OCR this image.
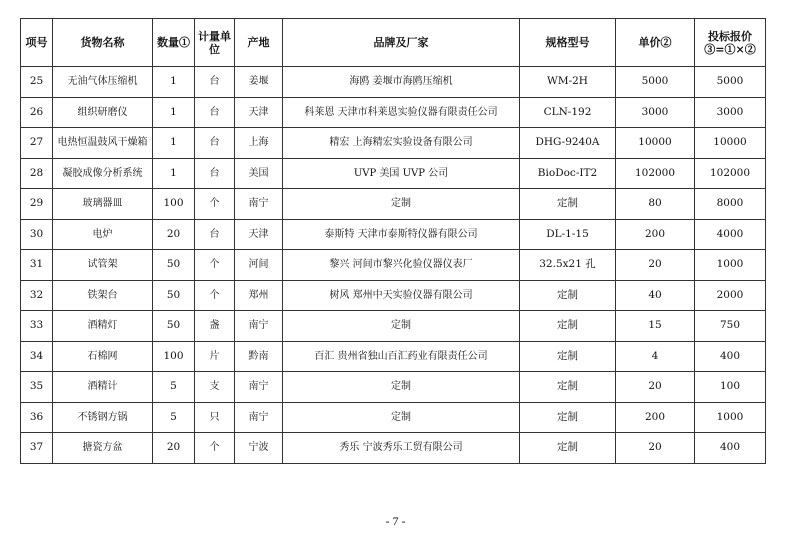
项号	货物名称	数量①	计量单位	产地	品牌及厂家	规格型号	单价②	投标报价③=①×②
25	无油气体压缩机	1	台	姜堰	海鸥 姜堰市海鸥压缩机	WM-2H	5000	5000
26	组织研磨仪	1	台	天津	科莱恩 天津市科莱恩实验仪器有限责任公司	CLN-192	3000	3000
27	电热恒温鼓风干燥箱	1	台	上海	精宏 上海精宏实验设备有限公司	DHG-9240A	10000	10000
28	凝胶成像分析系统	1	台	美国	UVP 美国 UVP 公司	BioDoc-IT2	102000	102000
29	玻璃器皿	100	个	南宁	定制	定制	80	8000
30	电炉	20	台	天津	泰斯特 天津市泰斯特仪器有限公司	DL-1-15	200	4000
31	试管架	50	个	河间	黎兴 河间市黎兴化验仪器仪表厂	32.5x21 孔	20	1000
32	铁架台	50	个	郑州	树风 郑州中天实验仪器有限公司	定制	40	2000
33	酒精灯	50	盏	南宁	定制	定制	15	750
34	石棉网	100	片	黔南	百汇 贵州省独山百汇药业有限责任公司	定制	4	400
35	酒精计	5	支	南宁	定制	定制	20	100
36	不锈钢方锅	5	只	南宁	定制	定制	200	1000
37	搪瓷方盆	20	个	宁波	秀乐 宁波秀乐工贸有限公司	定制	20	400
- 7 -
